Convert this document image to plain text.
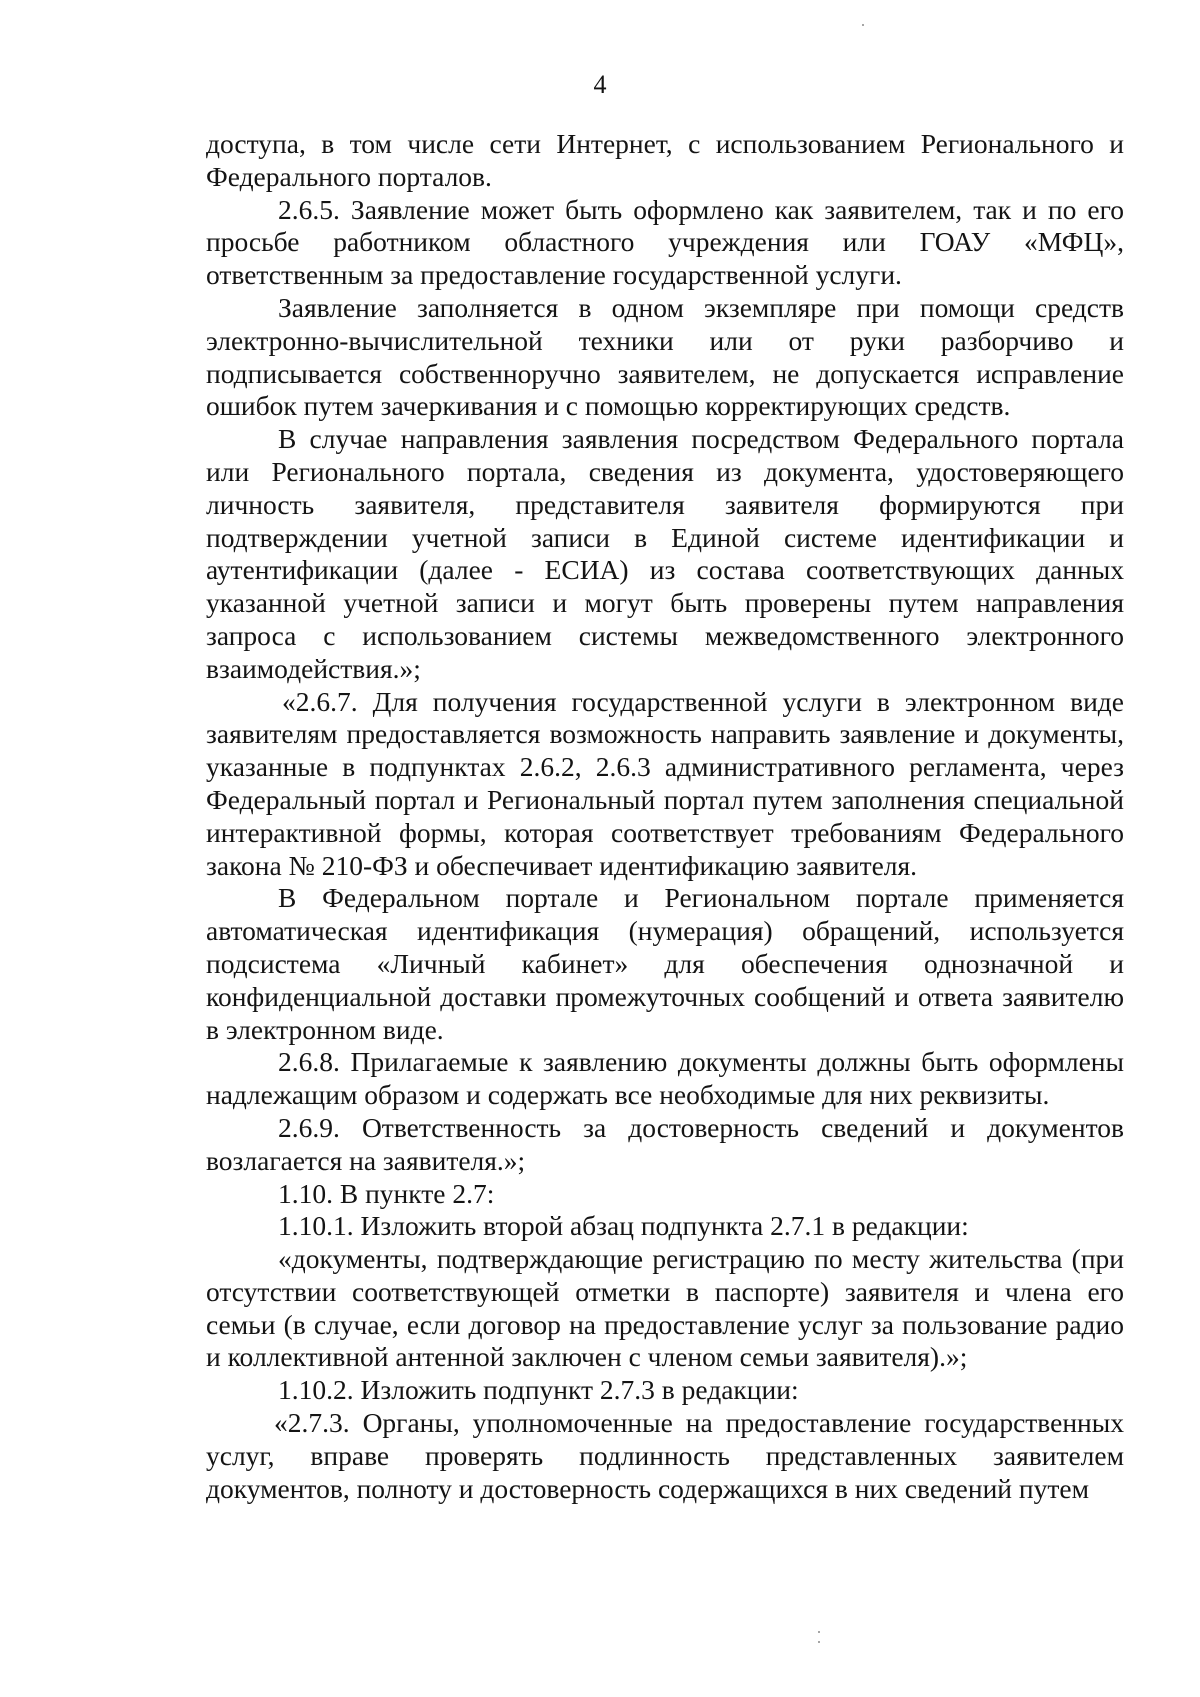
4

доступа, в том числе сети Интернет, с использованием Регионального и Федерального порталов.

2.6.5. Заявление может быть оформлено как заявителем, так и по его просьбе работником областного учреждения или ГОАУ «МФЦ», ответственным за предоставление государственной услуги.

Заявление заполняется в одном экземпляре при помощи средств электронно-вычислительной техники или от руки разборчиво и подписывается собственноручно заявителем, не допускается исправление ошибок путем зачеркивания и с помощью корректирующих средств.

В случае направления заявления посредством Федерального портала или Регионального портала, сведения из документа, удостоверяющего личность заявителя, представителя заявителя формируются при подтверждении учетной записи в Единой системе идентификации и аутентификации (далее - ЕСИА) из состава соответствующих данных указанной учетной записи и могут быть проверены путем направления запроса с использованием системы межведомственного электронного взаимодействия.»;

«2.6.7. Для получения государственной услуги в электронном виде заявителям предоставляется возможность направить заявление и документы, указанные в подпунктах 2.6.2, 2.6.3 административного регламента, через Федеральный портал и Региональный портал путем заполнения специальной интерактивной формы, которая соответствует требованиям Федерального закона № 210-ФЗ и обеспечивает идентификацию заявителя.

В Федеральном портале и Региональном портале применяется автоматическая идентификация (нумерация) обращений, используется подсистема «Личный кабинет» для обеспечения однозначной и конфиденциальной доставки промежуточных сообщений и ответа заявителю в электронном виде.

2.6.8. Прилагаемые к заявлению документы должны быть оформлены надлежащим образом и содержать все необходимые для них реквизиты.

2.6.9. Ответственность за достоверность сведений и документов возлагается на заявителя.»;

1.10. В пункте 2.7:

1.10.1. Изложить второй абзац подпункта 2.7.1 в редакции:

«документы, подтверждающие регистрацию по месту жительства (при отсутствии соответствующей отметки в паспорте) заявителя и члена его семьи (в случае, если договор на предоставление услуг за пользование радио и коллективной антенной заключен с членом семьи заявителя).»;

1.10.2. Изложить подпункт 2.7.3 в редакции:

«2.7.3. Органы, уполномоченные на предоставление государственных услуг, вправе проверять подлинность представленных заявителем документов, полноту и достоверность содержащихся в них сведений путем
